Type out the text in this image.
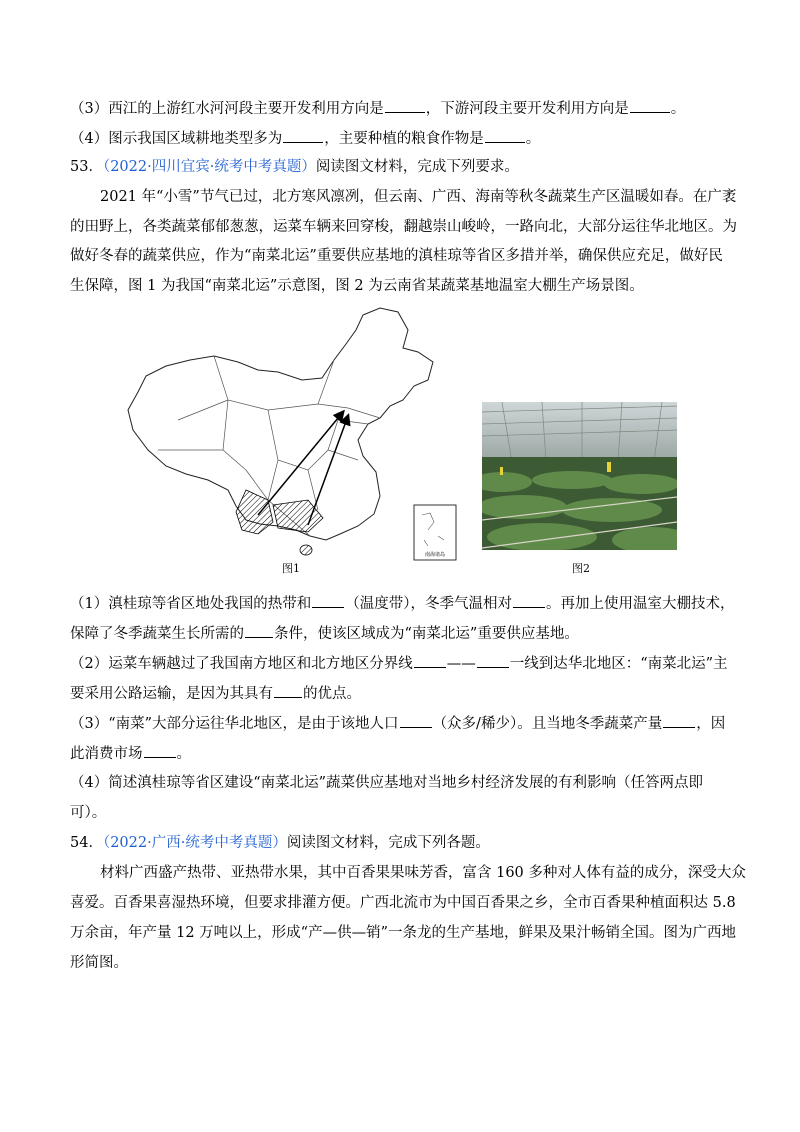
（3）西江的上游红水河河段主要开发利用方向是	，下游河段主要开发利用方向是	。
（4）图示我国区域耕地类型多为	，主要种植的粮食作物是	。
53．（2022·四川宜宾·统考中考真题）阅读图文材料，完成下列要求。
2021 年“小雪”节气已过，北方寒风凛冽，但云南、广西、海南等秋冬蔬菜生产区温暖如春。在广袤
的田野上，各类蔬菜郁郁葱葱，运菜车辆来回穿梭，翻越崇山峻岭，一路向北，大部分运往华北地区。为
做好冬春的蔬菜供应，作为“南菜北运”重要供应基地的滇桂琼等省区多措并举，确保供应充足，做好民
生保障，图 1 为我国“南菜北运”示意图，图 2 为云南省某蔬菜基地温室大棚生产场景图。
南海诸岛
图1	图2
（1）滇桂琼等省区地处我国的热带和 （温度带），冬季气温相对 。再加上使用温室大棚技术，
保障了冬季蔬菜生长所需的 条件，使该区域成为“南菜北运”重要供应基地。
（2）运菜车辆越过了我国南方地区和北方地区分界线 —— 一线到达华北地区：“南菜北运”主
要采用公路运输，是因为其具有 的优点。
（3）“南菜”大部分运往华北地区，是由于该地人口 （众多/稀少）。且当地冬季蔬菜产量 ，因
此消费市场 。
（4）简述滇桂琼等省区建设“南菜北运”蔬菜供应基地对当地乡村经济发展的有利影响（任答两点即
可）。
54．（2022·广西·统考中考真题）阅读图文材料，完成下列各题。
材料广西盛产热带、亚热带水果，其中百香果果味芳香，富含 160 多种对人体有益的成分，深受大众
喜爱。百香果喜湿热环境，但要求排灌方便。广西北流市为中国百香果之乡，全市百香果种植面积达 5.8
万余亩，年产量 12 万吨以上，形成“产—供—销”一条龙的生产基地，鲜果及果汁畅销全国。图为广西地
形简图。
